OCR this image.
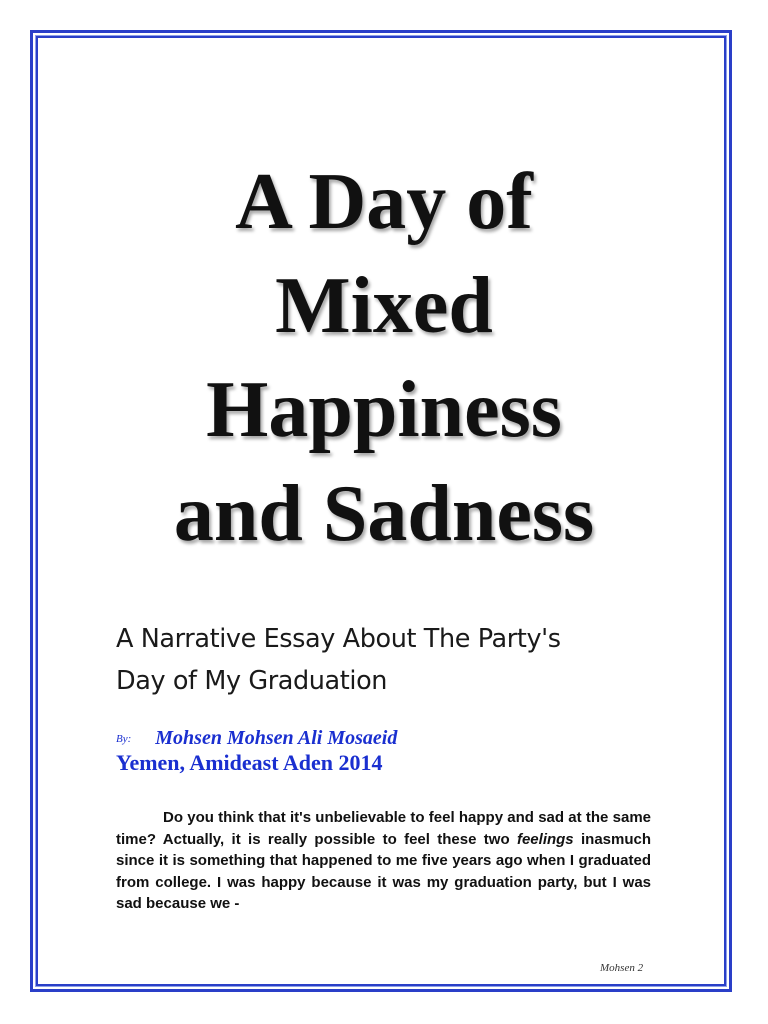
A Day of
Mixed
Happiness
and Sadness
A Narrative Essay About The Party's
Day of My Graduation
By: Mohsen Mohsen Ali Mosaeid
Yemen, Amideast Aden 2014

Do you think that it's unbelievable to feel happy and sad at the same time? Actually, it is really possible to feel these two feelings inasmuch since it is something that happened to me five years ago when I graduated from college. I was happy because it was my graduation party, but I was sad because we -

Mohsen 2
